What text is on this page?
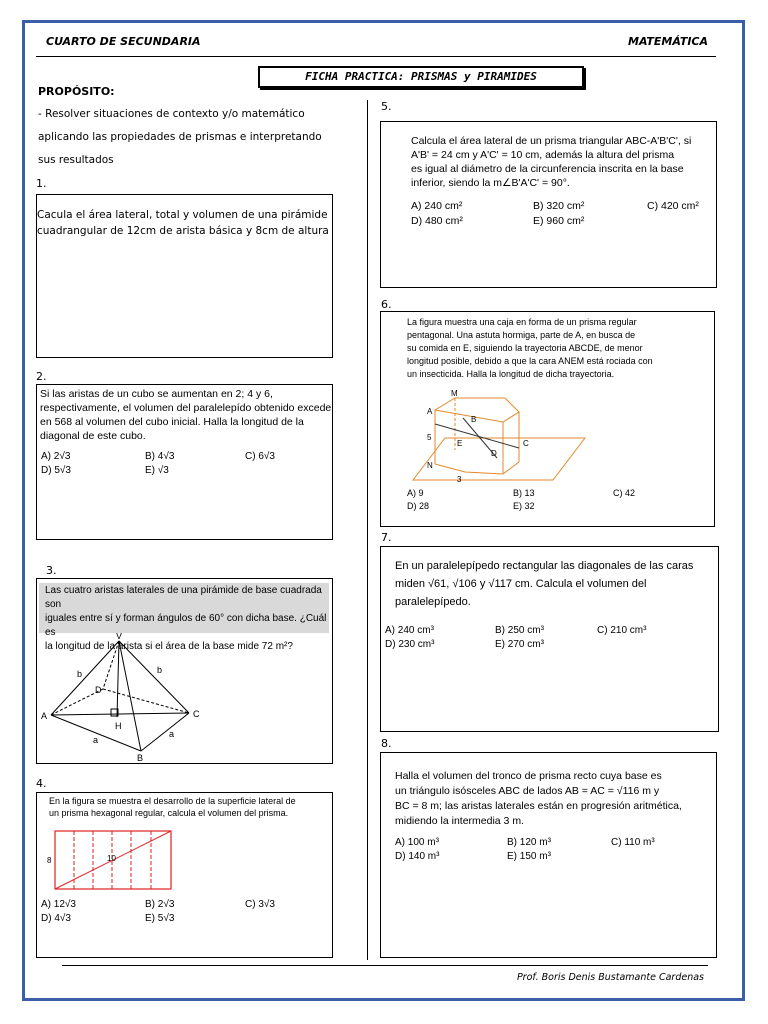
CUARTO DE SECUNDARIA	MATEMÁTICA
FICHA PRACTICA: PRISMAS y PIRAMIDES
PROPÓSITO:
- Resolver situaciones de contexto y/o matemático
aplicando las propiedades de prismas e interpretando
sus resultados
1.
Cacula el área lateral, total y volumen de una pirámide
cuadrangular de 12cm de arista básica y 8cm de altura
2.
Si las aristas de un cubo se aumentan en 2; 4 y 6,
respectivamente, el volumen del paralelepído obtenido excede
en 568 al volumen del cubo inicial. Halla la longitud de la
diagonal de este cubo.
A) 2√3	B) 4√3	C) 6√3
D) 5√3	E) √3
3.
Las cuatro aristas laterales de una pirámide de base cuadrada son
iguales entre sí y forman ángulos de 60° con dicha base. ¿Cuál es
la longitud de la arista si el área de la base mide 72 m²?
V
A
B
C
D
H
b	b
a
a
4.
En la figura se muestra el desarrollo de la superficie lateral de
un prisma hexagonal regular, calcula el volumen del prisma.
8	10
A) 12√3	B) 2√3	C) 3√3
D) 4√3	E) 5√3
5.
Calcula el área lateral de un prisma triangular ABC-A'B'C', si
A'B' = 24 cm y A'C' = 10 cm, además la altura del prisma
es igual al diámetro de la circunferencia inscrita en la base
inferior, siendo la m∠B'A'C' = 90°.
A) 240 cm²	B) 320 cm²	C) 420 cm²
D) 480 cm²	E) 960 cm²
6.
La figura muestra una caja en forma de un prisma regular
pentagonal. Una astuta hormiga, parte de A, en busca de
su comida en E, siguiendo la trayectoria ABCDE, de menor
longitud posible, debido a que la cara ANEM está rociada con
un insecticida. Halla la longitud de dicha trayectoria.
M
A
B
C
D
E
N
5
3
A) 9	B) 13	C) 42
D) 28	E) 32
7.
En un paralelepípedo rectangular las diagonales de las caras
miden √61, √106 y √117 cm. Calcula el volumen del
paralelepípedo.
A) 240 cm³	B) 250 cm³	C) 210 cm³
D) 230 cm³	E) 270 cm³
8.
Halla el volumen del tronco de prisma recto cuya base es
un triángulo isósceles ABC de lados AB = AC = √116 m y
BC = 8 m; las aristas laterales están en progresión aritmética,
midiendo la intermedia 3 m.
A) 100 m³	B) 120 m³	C) 110 m³
D) 140 m³	E) 150 m³
Prof. Boris Denis Bustamante Cardenas
